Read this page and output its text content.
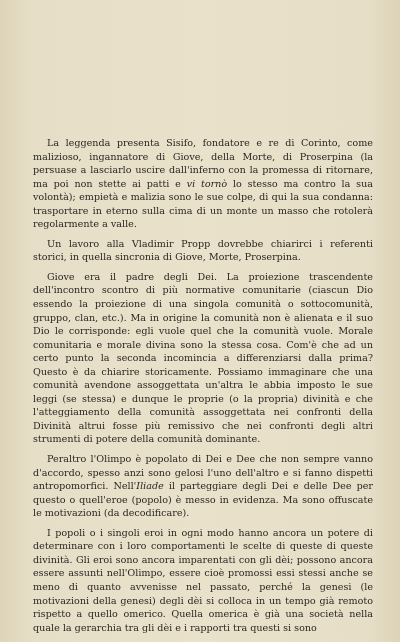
La leggenda presenta Sisifo, fondatore e re di Corinto, come malizioso, ingannatore di Giove, della Morte, di Proserpina (la persuase a lasciarlo uscire dall'inferno con la promessa di ritornare, ma poi non stette ai patti e vi tornò lo stesso ma contro la sua volontà); empietà e malizia sono le sue colpe, di qui la sua condanna: trasportare in eterno sulla cima di un monte un masso che rotolerà regolarmente a valle.

Un lavoro alla Vladimir Propp dovrebbe chiarirci i referenti storici, in quella sincronia di Giove, Morte, Proserpina.

Giove era il padre degli Dei. La proiezione trascendente dell'incontro scontro di più normative comunitarie (ciascun Dio essendo la proiezione di una singola comunità o sottocomunità, gruppo, clan, etc.). Ma in origine la comunità non è alienata e il suo Dio le corrisponde: egli vuole quel che la comunità vuole. Morale comunitaria e morale divina sono la stessa cosa. Com'è che ad un certo punto la seconda incomincia a differenziarsi dalla prima? Questo è da chiarire storicamente. Possiamo immaginare che una comunità avendone assoggettata un'altra le abbia imposto le sue leggi (se stessa) e dunque le proprie (o la propria) divinità e che l'atteggiamento della comunità assoggettata nei confronti della Divinità altrui fosse più remissivo che nei confronti degli altri strumenti di potere della comunità dominante.

Peraltro l'Olimpo è popolato di Dei e Dee che non sempre vanno d'accordo, spesso anzi sono gelosi l'uno dell'altro e si fanno dispetti antropomorfici. Nell'Iliade il parteggiare degli Dei e delle Dee per questo o quell'eroe (popolo) è messo in evidenza. Ma sono offuscate le motivazioni (da decodificare).

I popoli o i singoli eroi in ogni modo hanno ancora un potere di determinare con i loro comportamenti le scelte di queste di queste divinità. Gli eroi sono ancora imparentati con gli dèi; possono ancora essere assunti nell'Olimpo, essere cioè promossi essi stessi anche se meno di quanto avvenisse nel passato, perché la genesi (le motivazioni della genesi) degli dèi si colloca in un tempo già remoto rispetto a quello omerico. Quella omerica è già una società nella quale la gerarchia tra gli dèi e i rapporti tra questi si sono
